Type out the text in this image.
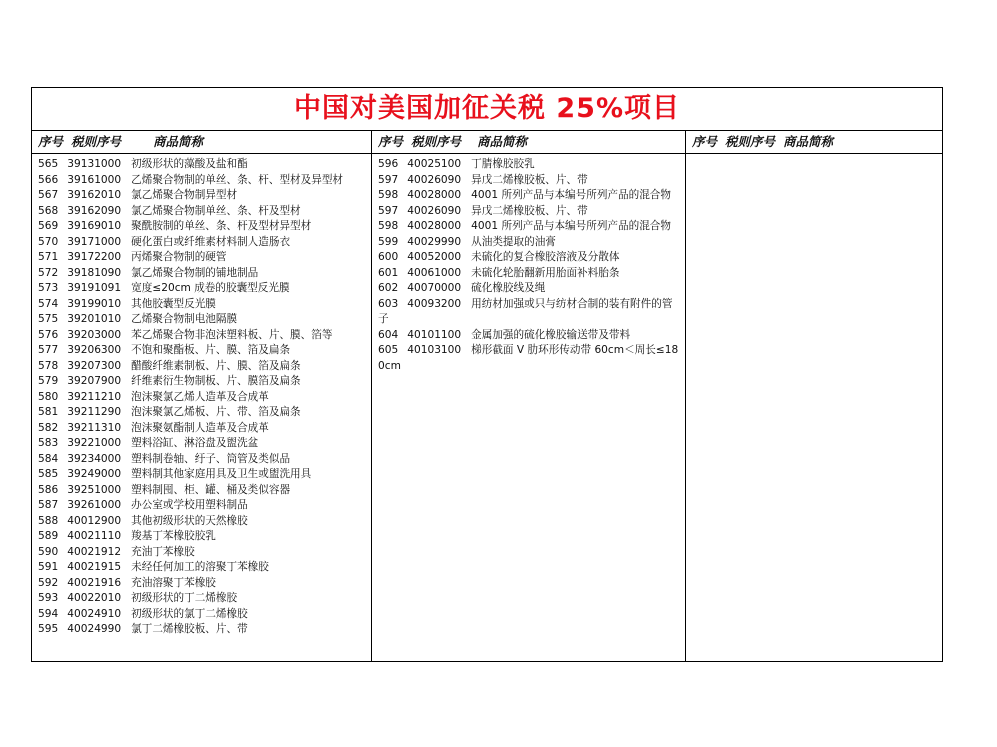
中国对美国加征关税 25%项目
序号 税则序号	商品简称
565 39131000 初级形状的藻酸及盐和酯
566 39161000 乙烯聚合物制的单丝、条、杆、型材及异型材
567 39162010 氯乙烯聚合物制异型材
568 39162090 氯乙烯聚合物制单丝、条、杆及型材
569 39169010 聚酰胺制的单丝、条、杆及型材异型材
570 39171000 硬化蛋白或纤维素材料制人造肠衣
571 39172200 丙烯聚合物制的硬管
572 39181090 氯乙烯聚合物制的铺地制品
573 39191091 宽度≤20cm 成卷的胶囊型反光膜
574 39199010 其他胶囊型反光膜
575 39201010 乙烯聚合物制电池隔膜
576 39203000 苯乙烯聚合物非泡沫塑料板、片、膜、箔等
577 39206300 不饱和聚酯板、片、膜、箔及扁条
578 39207300 醋酸纤维素制板、片、膜、箔及扁条
579 39207900 纤维素衍生物制板、片、膜箔及扁条
580 39211210 泡沫聚氯乙烯人造革及合成革
581 39211290 泡沫聚氯乙烯板、片、带、箔及扁条
582 39211310 泡沫聚氨酯制人造革及合成革
583 39221000 塑料浴缸、淋浴盘及盥洗盆
584 39234000 塑料制卷轴、纡子、筒管及类似品
585 39249000 塑料制其他家庭用具及卫生或盥洗用具
586 39251000 塑料制囤、柜、罐、桶及类似容器
587 39261000 办公室或学校用塑料制品
588 40012900 其他初级形状的天然橡胶
589 40021110 羧基丁苯橡胶胶乳
590 40021912 充油丁苯橡胶
591 40021915 未经任何加工的溶聚丁苯橡胶
592 40021916 充油溶聚丁苯橡胶
593 40022010 初级形状的丁二烯橡胶
594 40024910 初级形状的氯丁二烯橡胶
595 40024990 氯丁二烯橡胶板、片、带
序号 税则序号 商品简称
596 40025100 丁腈橡胶胶乳
597 40026090 异戊二烯橡胶板、片、带
598 40028000 4001 所列产品与本编号所列产品的混合物
597 40026090 异戊二烯橡胶板、片、带
598 40028000 4001 所列产品与本编号所列产品的混合物
599 40029990 从油类提取的油膏
600 40052000 未硫化的复合橡胶溶液及分散体
601 40061000 未硫化轮胎翻新用胎面补料胎条
602 40070000 硫化橡胶线及绳
603 40093200 用纺材加强或只与纺材合制的装有附件的管子
604 40101100 金属加强的硫化橡胶输送带及带料
605 40103100 梯形截面 V 肋环形传动带 60cm＜周长≤180cm
序号 税则序号 商品简称
